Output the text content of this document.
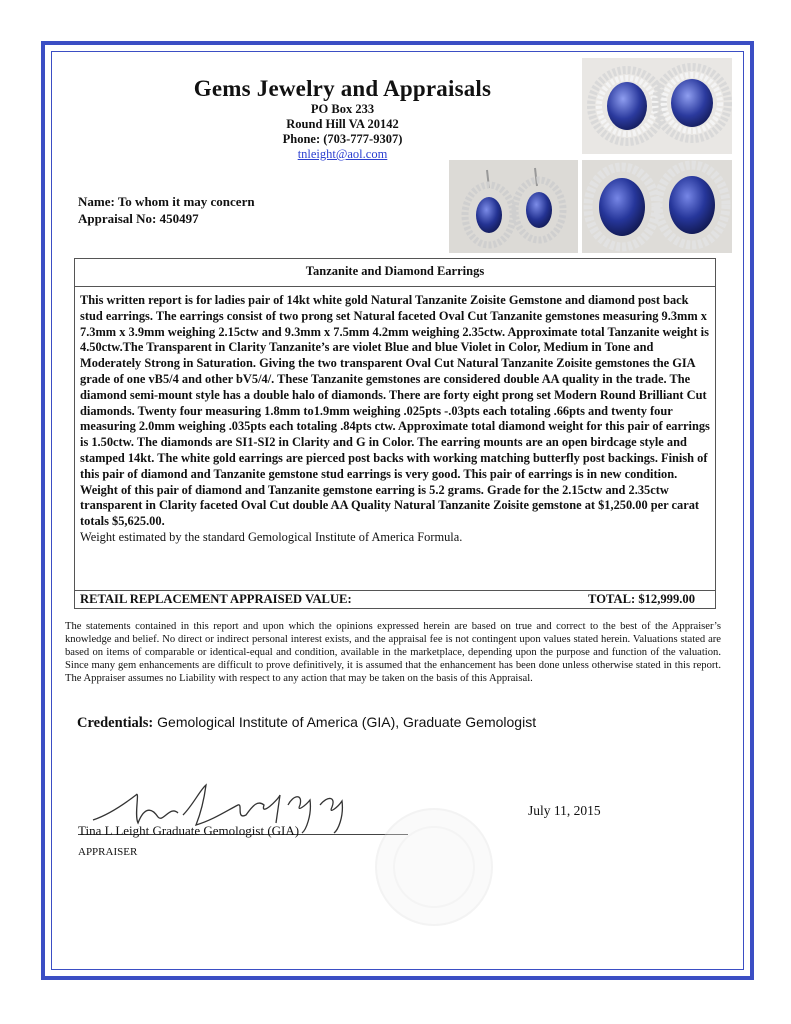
Gems Jewelry and Appraisals
PO Box 233
Round Hill VA 20142
Phone: (703-777-9307)
tnleight@aol.com
Name: To whom it may concern
Appraisal No: 450497
Tanzanite and Diamond Earrings
This written report is for ladies pair of 14kt white gold Natural Tanzanite Zoisite Gemstone and diamond post back stud earrings. The earrings consist of two prong set Natural faceted Oval Cut Tanzanite gemstones measuring 9.3mm x 7.3mm x 3.9mm weighing 2.15ctw and 9.3mm x 7.5mm 4.2mm weighing 2.35ctw. Approximate total Tanzanite weight is 4.50ctw.The Transparent in Clarity Tanzanite’s are violet Blue and blue Violet in Color, Medium in Tone and Moderately Strong in Saturation. Giving the two transparent Oval Cut Natural Tanzanite Zoisite gemstones the GIA grade of one vB5/4 and other bV5/4/. These Tanzanite gemstones are considered double AA quality in the trade. The diamond semi-mount style has a double halo of diamonds. There are forty eight prong set Modern Round Brilliant Cut diamonds. Twenty four measuring 1.8mm to1.9mm weighing .025pts -.03pts each totaling .66pts and twenty four measuring 2.0mm weighing .035pts each totaling .84pts ctw. Approximate total diamond weight for this pair of earrings is 1.50ctw. The diamonds are SI1-SI2 in Clarity and G in Color. The earring mounts are an open birdcage style and stamped 14kt. The white gold earrings are pierced post backs with working matching butterfly post backings. Finish of this pair of diamond and Tanzanite gemstone stud earrings is very good. This pair of earrings is in new condition. Weight of this pair of diamond and Tanzanite gemstone earring is 5.2 grams. Grade for the 2.15ctw and 2.35ctw transparent in Clarity faceted Oval Cut double AA Quality Natural Tanzanite Zoisite gemstone at $1,250.00 per carat totals $5,625.00.
Weight estimated by the standard Gemological Institute of America Formula.
RETAIL REPLACEMENT APPRAISED VALUE:	TOTAL: $12,999.00
The statements contained in this report and upon which the opinions expressed herein are based on true and correct to the best of the Appraiser’s knowledge and belief. No direct or indirect personal interest exists, and the appraisal fee is not contingent upon values stated herein. Valuations stated are based on items of comparable or identical-equal and condition, available in the marketplace, depending upon the purpose and function of the valuation. Since many gem enhancements are difficult to prove definitively, it is assumed that the enhancement has been done unless otherwise stated in this report. The Appraiser assumes no Liability with respect to any action that may be taken on the basis of this Appraisal.
Credentials: Gemological Institute of America (GIA), Graduate Gemologist
Tina L Leight Graduate Gemologist (GIA)
APPRAISER
July 11, 2015
